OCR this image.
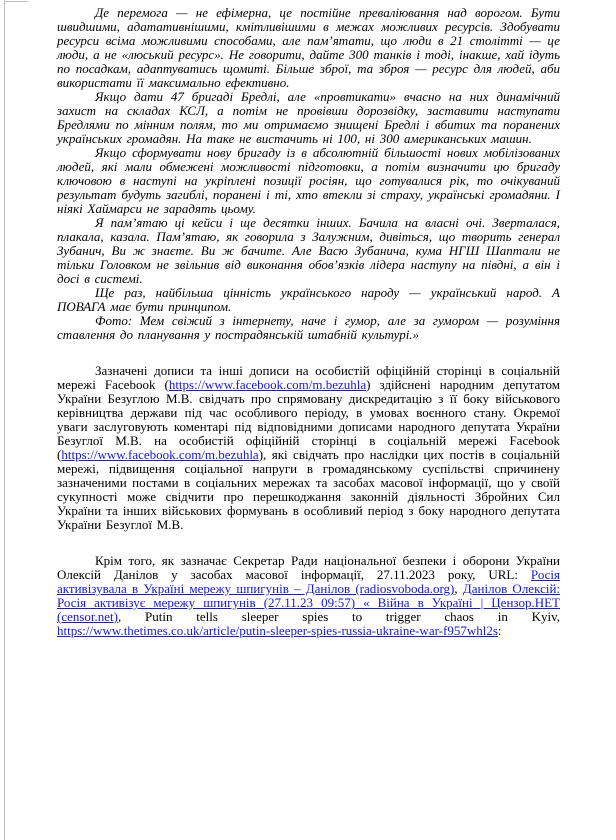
Де перемога — не ефімерна, це постійне преваліювання над ворогом. Бути швидшими, адатативнішими, кмітливішими в межах можливих ресурсів. Здобувати ресурси всіма можливими способами, але пам’ятати, що люди в 21 столітті — це люди, а не «люський ресурс». Не говорити, дайте 300 танків і тоді, інакше, хай ідуть по посадкам, адаптуватись щомиті. Більше зброї, та зброя — ресурс для людей, аби використати її максимально ефективно.

Якщо дати 47 бригаді Бредлі, але «провтикати» вчасно на них динамічний захист на складах КСЛ, а потім не провівши дорозвідку, заставити наступати Бредлями по мінним полям, то ми отримаємо знищені Бредлі і вбитих та поранених українських громадян. На таке не вистачить ні 100, ні 300 американських машин.

Якщо сформувати нову бригаду із в абсолютній більшості нових мобілізованих людей, які мали обмежені можливості підготовки, а потім визначити цю бригаду ключовою в наступі на укріплені позиції росіян, що готувалися рік, то очікуваний результат будуть загиблі, поранені і ті, хто втекли зі страху, українські громадяни. І ніякі Хаймарси не зарадять цьому.

Я пам’ятаю ці кейси і ще десятки інших. Бачила на власні очі. Зверталася, плакала, казала. Пам’ятаю, як говорила з Залужним, дивіться, що творить генерал Зубанич, Ви ж знаєте. Ви ж бачите. Але Васю Зубанича, кума НГШ Шаптали не тільки Головком не звільнив від виконання обов’язків лідера наступу на півдні, а він і досі в системі.

Ще раз, найбільша цінність українського народу — український народ. А ПОВАГА має бути принципом.

Фото: Мем свіжий з інтернету, наче і гумор, але за гумором — розуміння ставлення до планування у пострадянській штабній культурі.»

Зазначені дописи та інші дописи на особистій офіційній сторінці в соціальній мережі Facebook (https://www.facebook.com/m.bezuhla) здійснені народним депутатом України Безуглою М.В. свідчать про спрямовану дискредитацію з її боку військового керівництва держави під час особливого періоду, в умовах воєнного стану. Окремої уваги заслуговують коментарі під відповідними дописами народного депутата України Безуглої М.В. на особистій офіційній сторінці в соціальній мережі Facebook (https://www.facebook.com/m.bezuhla), які свідчать про наслідки цих постів в соціальній мережі, підвищення соціальної напруги в громадянському суспільстві спричинену зазначеними постами в соціальних мережах та засобах масової інформації, що у своїй сукупності може свідчити про перешкоджання законній діяльності Збройних Сил України та інших військових формувань в особливий період з боку народного депутата України Безуглої М.В.

Крім того, як зазначає Секретар Ради національної безпеки і оборони України Олексій Данілов у засобах масової інформації, 27.11.2023 року, URL: Росія активізувала в Україні мережу шпигунів – Данілов (radiosvoboda.org), Данілов Олексій: Росія активізує мережу шпигунів (27.11.23 09:57) « Війна в Україні | Цензор.НЕТ (censor.net), Putin tells sleeper spies to trigger chaos in Kyiv, https://www.thetimes.co.uk/article/putin-sleeper-spies-russia-ukraine-war-f957whl2s:
